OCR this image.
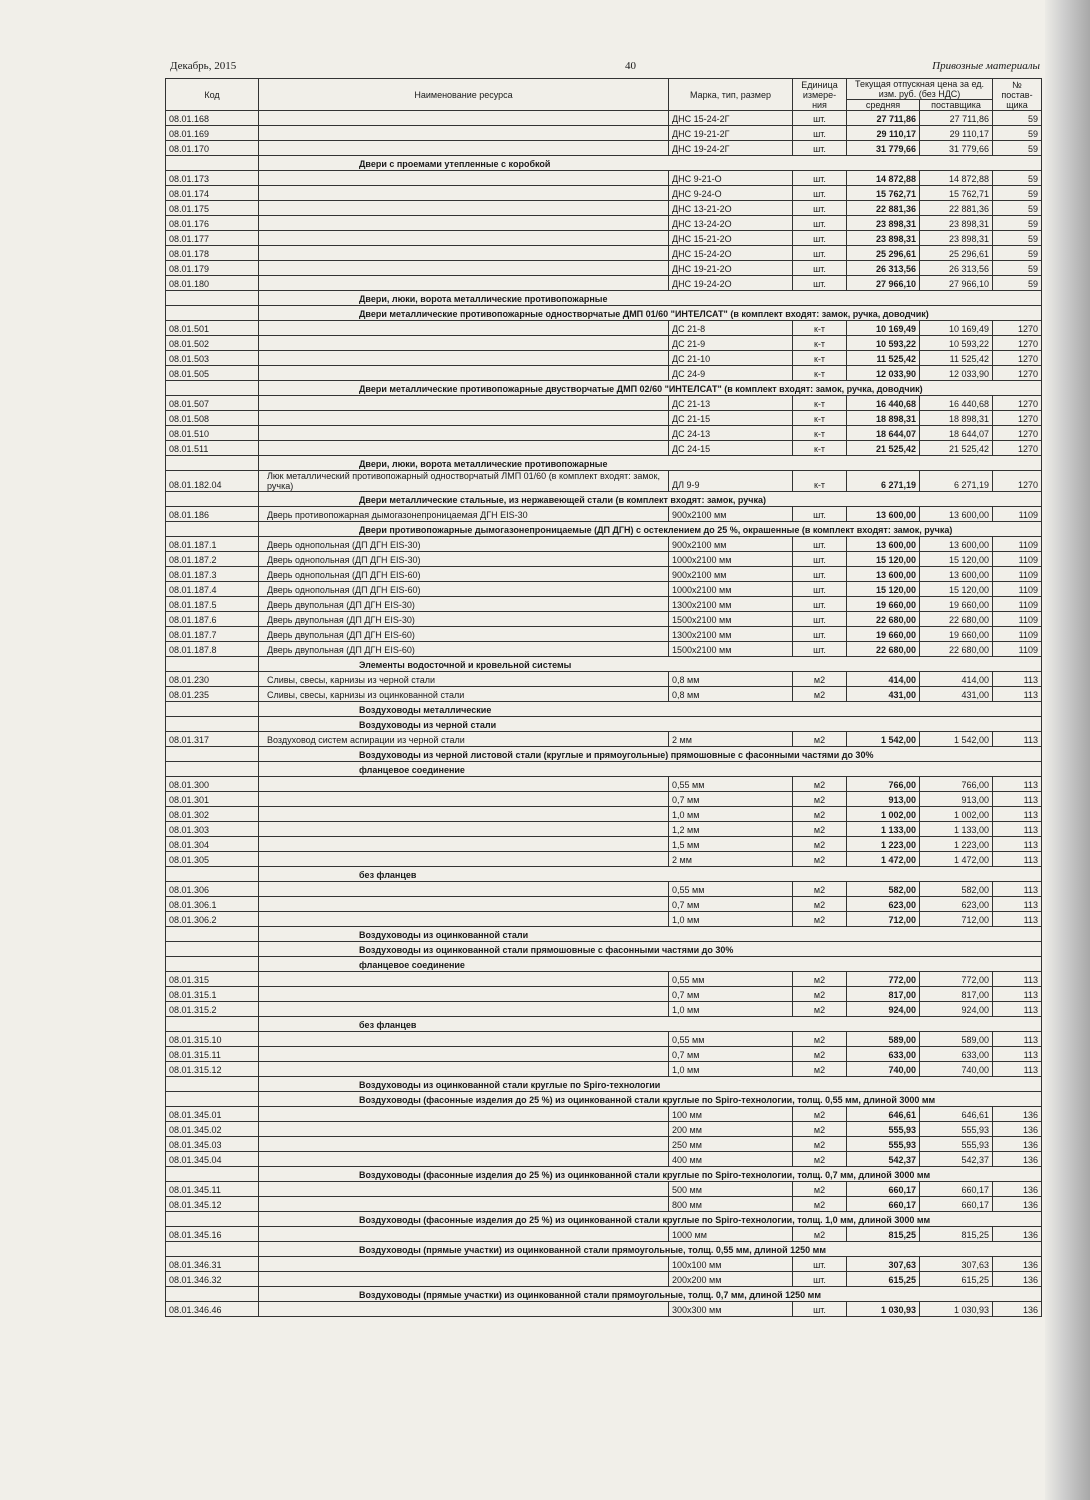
Декабрь, 2015	40	Привозные материалы
Код	Наименование ресурса	Марка, тип, размер	Единица измере-ния	Текущая отпускная цена за ед. изм. руб. (без НДС)		№ постав-щика
				средняя	поставщика	
08.01.168		ДНС 15-24-2Г	шт.	27 711,86	27 711,86	59
08.01.169		ДНС 19-21-2Г	шт.	29 110,17	29 110,17	59
08.01.170		ДНС 19-24-2Г	шт.	31 779,66	31 779,66	59
	Двери с проемами утепленные с коробкой					
08.01.173		ДНС 9-21-О	шт.	14 872,88	14 872,88	59
08.01.174		ДНС 9-24-О	шт.	15 762,71	15 762,71	59
08.01.175		ДНС 13-21-2О	шт.	22 881,36	22 881,36	59
08.01.176		ДНС 13-24-2О	шт.	23 898,31	23 898,31	59
08.01.177		ДНС 15-21-2О	шт.	23 898,31	23 898,31	59
08.01.178		ДНС 15-24-2О	шт.	25 296,61	25 296,61	59
08.01.179		ДНС 19-21-2О	шт.	26 313,56	26 313,56	59
08.01.180		ДНС 19-24-2О	шт.	27 966,10	27 966,10	59
	Двери, люки, ворота металлические противопожарные					
	Двери металлические противопожарные одностворчатые ДМП 01/60 "ИНТЕЛСАТ" (в комплект входят: замок, ручка, доводчик)					
08.01.501		ДС 21-8	к-т	10 169,49	10 169,49	1270
08.01.502		ДС 21-9	к-т	10 593,22	10 593,22	1270
08.01.503		ДС 21-10	к-т	11 525,42	11 525,42	1270
08.01.505		ДС 24-9	к-т	12 033,90	12 033,90	1270
	Двери металлические противопожарные двустворчатые ДМП 02/60 "ИНТЕЛСАТ" (в комплект входят: замок, ручка, доводчик)					
08.01.507		ДС 21-13	к-т	16 440,68	16 440,68	1270
08.01.508		ДС 21-15	к-т	18 898,31	18 898,31	1270
08.01.510		ДС 24-13	к-т	18 644,07	18 644,07	1270
08.01.511		ДС 24-15	к-т	21 525,42	21 525,42	1270
	Двери, люки, ворота металлические противопожарные					
08.01.182.04	Люк металлический противопожарный одностворчатый ЛМП 01/60 (в комплект входят: замок, ручка)	ДЛ 9-9	к-т	6 271,19	6 271,19	1270
	Двери металлические стальные, из нержавеющей стали (в комплект входят: замок, ручка)					
08.01.186	Дверь противопожарная дымогазонепроницаемая ДГН EIS-30	900х2100 мм	шт.	13 600,00	13 600,00	1109
	Двери противопожарные дымогазонепроницаемые (ДП ДГН) с остеклением до 25 %, окрашенные (в комплект входят: замок, ручка)					
08.01.187.1	Дверь однопольная (ДП ДГН EIS-30)	900х2100 мм	шт.	13 600,00	13 600,00	1109
08.01.187.2	Дверь однопольная (ДП ДГН EIS-30)	1000х2100 мм	шт.	15 120,00	15 120,00	1109
08.01.187.3	Дверь однопольная (ДП ДГН EIS-60)	900х2100 мм	шт.	13 600,00	13 600,00	1109
08.01.187.4	Дверь однопольная (ДП ДГН EIS-60)	1000х2100 мм	шт.	15 120,00	15 120,00	1109
08.01.187.5	Дверь двупольная (ДП ДГН EIS-30)	1300х2100 мм	шт.	19 660,00	19 660,00	1109
08.01.187.6	Дверь двупольная (ДП ДГН EIS-30)	1500х2100 мм	шт.	22 680,00	22 680,00	1109
08.01.187.7	Дверь двупольная (ДП ДГН EIS-60)	1300х2100 мм	шт.	19 660,00	19 660,00	1109
08.01.187.8	Дверь двупольная (ДП ДГН EIS-60)	1500х2100 мм	шт.	22 680,00	22 680,00	1109
	Элементы водосточной и кровельной системы					
08.01.230	Сливы, свесы, карнизы из черной стали	0,8 мм	м2	414,00	414,00	113
08.01.235	Сливы, свесы, карнизы из оцинкованной стали	0,8 мм	м2	431,00	431,00	113
	Воздуховоды металлические					
	Воздуховоды из черной стали					
08.01.317	Воздуховод систем аспирации из черной стали	2 мм	м2	1 542,00	1 542,00	113
	Воздуховоды из черной листовой стали (круглые и прямоугольные) прямошовные с фасонными частями до 30%					
	фланцевое соединение					
08.01.300		0,55 мм	м2	766,00	766,00	113
08.01.301		0,7 мм	м2	913,00	913,00	113
08.01.302		1,0 мм	м2	1 002,00	1 002,00	113
08.01.303		1,2 мм	м2	1 133,00	1 133,00	113
08.01.304		1,5 мм	м2	1 223,00	1 223,00	113
08.01.305		2 мм	м2	1 472,00	1 472,00	113
	без фланцев					
08.01.306		0,55 мм	м2	582,00	582,00	113
08.01.306.1		0,7 мм	м2	623,00	623,00	113
08.01.306.2		1,0 мм	м2	712,00	712,00	113
	Воздуховоды из оцинкованной стали					
	Воздуховоды из оцинкованной стали прямошовные с фасонными частями до 30%					
	фланцевое соединение					
08.01.315		0,55 мм	м2	772,00	772,00	113
08.01.315.1		0,7 мм	м2	817,00	817,00	113
08.01.315.2		1,0 мм	м2	924,00	924,00	113
	без фланцев					
08.01.315.10		0,55 мм	м2	589,00	589,00	113
08.01.315.11		0,7 мм	м2	633,00	633,00	113
08.01.315.12		1,0 мм	м2	740,00	740,00	113
	Воздуховоды из оцинкованной стали круглые по Spiro-технологии					
	Воздуховоды (фасонные изделия до 25 %) из оцинкованной стали круглые по Spiro-технологии, толщ. 0,55 мм, длиной 3000 мм					
08.01.345.01		100 мм	м2	646,61	646,61	136
08.01.345.02		200 мм	м2	555,93	555,93	136
08.01.345.03		250 мм	м2	555,93	555,93	136
08.01.345.04		400 мм	м2	542,37	542,37	136
	Воздуховоды (фасонные изделия до 25 %) из оцинкованной стали круглые по Spiro-технологии, толщ. 0,7 мм, длиной 3000 мм					
08.01.345.11		500 мм	м2	660,17	660,17	136
08.01.345.12		800 мм	м2	660,17	660,17	136
	Воздуховоды (фасонные изделия до 25 %) из оцинкованной стали круглые по Spiro-технологии, толщ. 1,0 мм, длиной 3000 мм					
08.01.345.16		1000 мм	м2	815,25	815,25	136
	Воздуховоды (прямые участки) из оцинкованной стали прямоугольные, толщ. 0,55 мм, длиной 1250 мм					
08.01.346.31		100х100 мм	шт.	307,63	307,63	136
08.01.346.32		200х200 мм	шт.	615,25	615,25	136
	Воздуховоды (прямые участки) из оцинкованной стали прямоугольные, толщ. 0,7 мм, длиной 1250 мм					
08.01.346.46		300х300 мм	шт.	1 030,93	1 030,93	136
